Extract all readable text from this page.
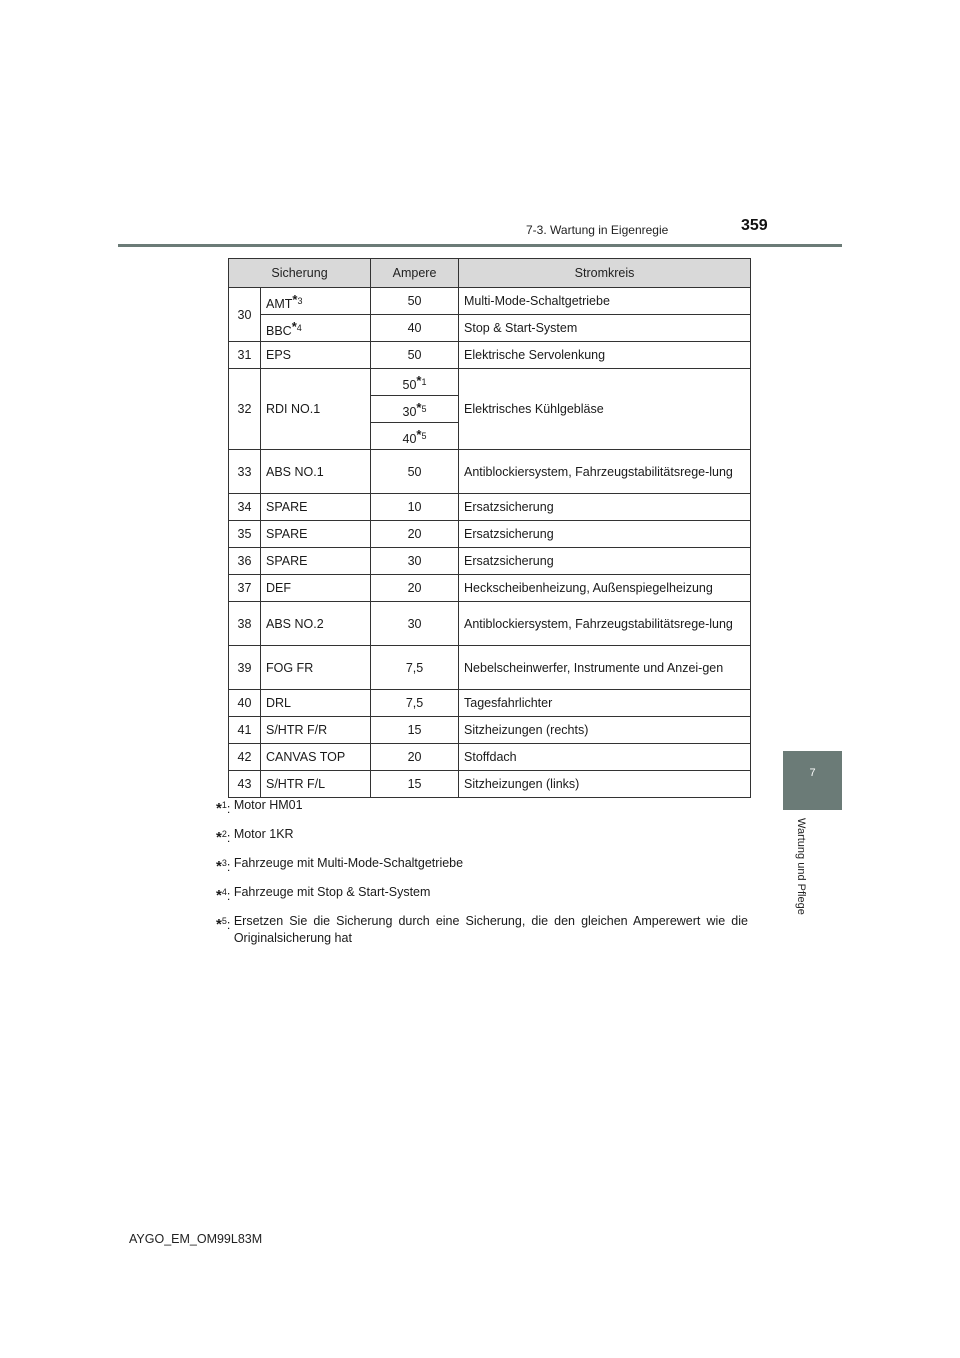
7-3. Wartung in Eigenregie	359
7
Wartung und Pflege
Sicherung		Ampere	Stromkreis
30	AMT$^{*3}$	50	Multi-Mode-Schaltgetriebe
	BBC$^{*4}$	40	Stop & Start-System
31	EPS	50	Elektrische Servolenkung
32	RDI NO.1	50$^{*1}$	Elektrisches Kühlgebläse
		30$^{*5}$
		40$^{*5}$
33	ABS NO.1	50	Antiblockiersystem, Fahrzeugstabilitätsrege-lung
34	SPARE	10	Ersatzsicherung
35	SPARE	20	Ersatzsicherung
36	SPARE	30	Ersatzsicherung
37	DEF	20	Heckscheibenheizung, Außenspiegelheizung
38	ABS NO.2	30	Antiblockiersystem, Fahrzeugstabilitätsrege-lung
39	FOG FR	7,5	Nebelscheinwerfer, Instrumente und Anzei-gen
40	DRL	7,5	Tagesfahrlichter
41	S/HTR F/R	15	Sitzheizungen (rechts)
42	CANVAS TOP	20	Stoffdach
43	S/HTR F/L	15	Sitzheizungen (links)
*$^1$: Motor HM01
*$^2$: Motor 1KR
*$^3$: Fahrzeuge mit Multi-Mode-Schaltgetriebe
*$^4$: Fahrzeuge mit Stop & Start-System
*$^5$: Ersetzen Sie die Sicherung durch eine Sicherung, die den gleichen Amperewert wie die Originalsicherung hat
AYGO_EM_OM99L83M
